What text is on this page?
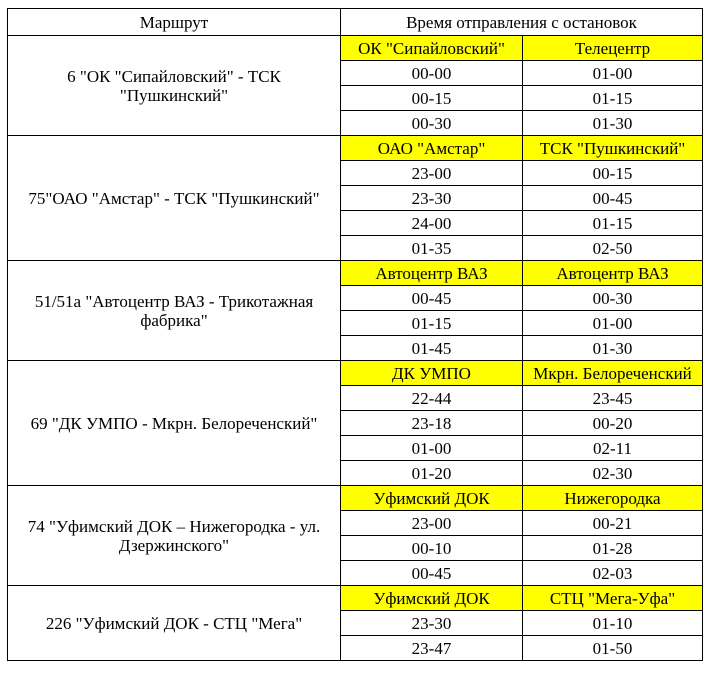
Маршрут	Время отправления с остановок	
6 "ОК "Сипайловский" - ТСК "Пушкинский"	ОК "Сипайловский"	Телецентр
	00-00	01-00
	00-15	01-15
	00-30	01-30
75"ОАО "Амстар" - ТСК "Пушкинский"	ОАО "Амстар"	ТСК "Пушкинский"
	23-00	00-15
	23-30	00-45
	24-00	01-15
	01-35	02-50
51/51а "Автоцентр ВАЗ - Трикотажная фабрика"	Автоцентр ВАЗ	Автоцентр ВАЗ
	00-45	00-30
	01-15	01-00
	01-45	01-30
69 "ДК УМПО - Мкрн. Белореченский"	ДК УМПО	Мкрн. Белореченский
	22-44	23-45
	23-18	00-20
	01-00	02-11
	01-20	02-30
74 "Уфимский ДОК – Нижегородка - ул. Дзержинского"	Уфимский ДОК	Нижегородка
	23-00	00-21
	00-10	01-28
	00-45	02-03
226 "Уфимский ДОК - СТЦ "Мега"	Уфимский ДОК	СТЦ "Мега-Уфа"
	23-30	01-10
	23-47	01-50
